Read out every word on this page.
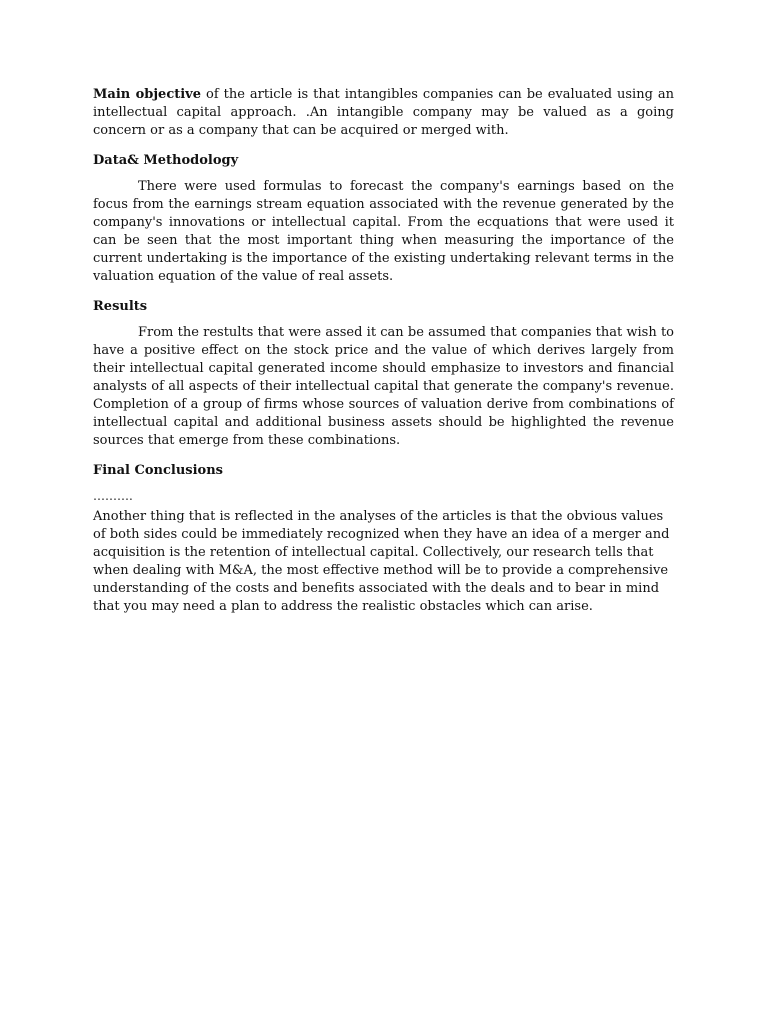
Main objective of the article is that intangibles companies can be evaluated using an intellectual capital approach. .An intangible company may be valued as a going concern or as a company that can be acquired or merged with.

Data& Methodology

There were used formulas to forecast the company's earnings based on the focus from the earnings stream equation associated with the revenue generated by the company's innovations or intellectual capital. From the ecquations that were used it can be seen that the most important thing when measuring the importance of the current undertaking is the importance of the existing undertaking relevant terms in the valuation equation of the value of real assets.

Results

From the restults that were assed it can be assumed that companies that wish to have a positive effect on the stock price and the value of which derives largely from their intellectual capital generated income should emphasize to investors and financial analysts of all aspects of their intellectual capital that generate the company's revenue. Completion of a group of firms whose sources of valuation derive from combinations of intellectual capital and additional business assets should be highlighted the revenue sources that emerge from these combinations.

Final Conclusions

……….

Another thing that is reflected in the analyses of the articles is that the obvious values of both sides could be immediately recognized when they have an idea of a merger and acquisition is the retention of intellectual capital. Collectively, our research tells that when dealing with M&A, the most effective method will be to provide a comprehensive understanding of the costs and benefits associated with the deals and to bear in mind that you may need a plan to address the realistic obstacles which can arise.
